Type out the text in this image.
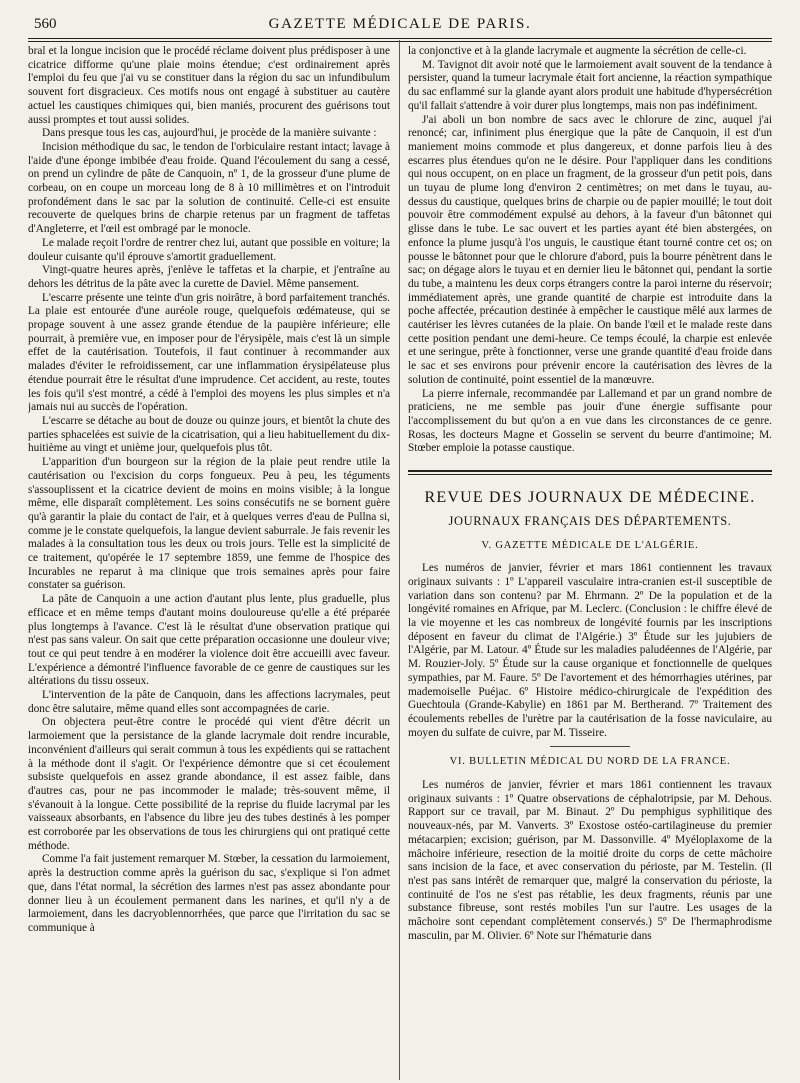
560	GAZETTE MÉDICALE DE PARIS.

bral et la longue incision que le procédé réclame doivent plus prédisposer à une cicatrice difforme qu'une plaie moins étendue; c'est ordinairement après l'emploi du feu que j'ai vu se constituer dans la région du sac un infundibulum souvent fort disgracieux. Ces motifs nous ont engagé à substituer au cautère actuel les caustiques chimiques qui, bien maniés, procurent des guérisons tout aussi promptes et tout aussi solides.

Dans presque tous les cas, aujourd'hui, je procède de la manière suivante :

Incision méthodique du sac, le tendon de l'orbiculaire restant intact; lavage à l'aide d'une éponge imbibée d'eau froide. Quand l'écoulement du sang a cessé, on prend un cylindre de pâte de Canquoin, nº 1, de la grosseur d'une plume de corbeau, on en coupe un morceau long de 8 à 10 millimètres et on l'introduit profondément dans le sac par la solution de continuité. Celle-ci est ensuite recouverte de quelques brins de charpie retenus par un fragment de taffetas d'Angleterre, et l'œil est ombragé par le monocle.

Le malade reçoit l'ordre de rentrer chez lui, autant que possible en voiture; la douleur cuisante qu'il éprouve s'amortit graduellement.

Vingt-quatre heures après, j'enlève le taffetas et la charpie, et j'entraîne au dehors les détritus de la pâte avec la curette de Daviel. Même pansement.

L'escarre présente une teinte d'un gris noirâtre, à bord parfaitement tranchés. La plaie est entourée d'une auréole rouge, quelquefois œdémateuse, qui se propage souvent à une assez grande étendue de la paupière inférieure; elle pourrait, à première vue, en imposer pour de l'érysipèle, mais c'est là un simple effet de la cautérisation. Toutefois, il faut continuer à recommander aux malades d'éviter le refroidissement, car une inflammation érysipélateuse plus étendue pourrait être le résultat d'une imprudence. Cet accident, au reste, toutes les fois qu'il s'est montré, a cédé à l'emploi des moyens les plus simples et n'a jamais nui au succès de l'opération.

L'escarre se détache au bout de douze ou quinze jours, et bientôt la chute des parties sphacelées est suivie de la cicatrisation, qui a lieu habituellement du dix-huitième au vingt et unième jour, quelquefois plus tôt.

L'apparition d'un bourgeon sur la région de la plaie peut rendre utile la cautérisation ou l'excision du corps fongueux. Peu à peu, les téguments s'assouplissent et la cicatrice devient de moins en moins visible; à la longue même, elle disparaît complètement. Les soins consécutifs ne se bornent guère qu'à garantir la plaie du contact de l'air, et à quelques verres d'eau de Pullna si, comme je le constate quelquefois, la langue devient saburrale. Je fais revenir les malades à la consultation tous les deux ou trois jours. Telle est la simplicité de ce traitement, qu'opérée le 17 septembre 1859, une femme de l'hospice des Incurables ne reparut à ma clinique que trois semaines après pour faire constater sa guérison.

La pâte de Canquoin a une action d'autant plus lente, plus graduelle, plus efficace et en même temps d'autant moins douloureuse qu'elle a été préparée plus longtemps à l'avance. C'est là le résultat d'une observation pratique qui n'est pas sans valeur. On sait que cette préparation occasionne une douleur vive; tout ce qui peut tendre à en modérer la violence doit être accueilli avec faveur. L'expérience a démontré l'influence favorable de ce genre de caustiques sur les altérations du tissu osseux.

L'intervention de la pâte de Canquoin, dans les affections lacrymales, peut donc être salutaire, même quand elles sont accompagnées de carie.

On objectera peut-être contre le procédé qui vient d'être décrit un larmoiement que la persistance de la glande lacrymale doit rendre incurable, inconvénient d'ailleurs qui serait commun à tous les expédients qui se rattachent à la méthode dont il s'agit. Or l'expérience démontre que si cet écoulement subsiste quelquefois en assez grande abondance, il est assez faible, dans d'autres cas, pour ne pas incommoder le malade; très-souvent même, il s'évanouit à la longue. Cette possibilité de la reprise du fluide lacrymal par les vaisseaux absorbants, en l'absence du libre jeu des tubes destinés à les pomper est corroborée par les observations de tous les chirurgiens qui ont pratiqué cette méthode.

Comme l'a fait justement remarquer M. Stœber, la cessation du larmoiement, après la destruction comme après la guérison du sac, s'explique si l'on admet que, dans l'état normal, la sécrétion des larmes n'est pas assez abondante pour donner lieu à un écoulement permanent dans les narines, et qu'il n'y a de larmoiement, dans les dacryoblennorrhées, que parce que l'irritation du sac se communique à

la conjonctive et à la glande lacrymale et augmente la sécrétion de celle-ci.

M. Tavignot dit avoir noté que le larmoiement avait souvent de la tendance à persister, quand la tumeur lacrymale était fort ancienne, la réaction sympathique du sac enflammé sur la glande ayant alors produit une habitude d'hypersécrétion qu'il fallait s'attendre à voir durer plus longtemps, mais non pas indéfiniment.

J'ai aboli un bon nombre de sacs avec le chlorure de zinc, auquel j'ai renoncé; car, infiniment plus énergique que la pâte de Canquoin, il est d'un maniement moins commode et plus dangereux, et donne parfois lieu à des escarres plus étendues qu'on ne le désire. Pour l'appliquer dans les conditions qui nous occupent, on en place un fragment, de la grosseur d'un petit pois, dans un tuyau de plume long d'environ 2 centimètres; on met dans le tuyau, au-dessus du caustique, quelques brins de charpie ou de papier mouillé; le tout doit pouvoir être commodément expulsé au dehors, à la faveur d'un bâtonnet qui glisse dans le tube. Le sac ouvert et les parties ayant été bien abstergées, on enfonce la plume jusqu'à l'os unguis, le caustique étant tourné contre cet os; on pousse le bâtonnet pour que le chlorure d'abord, puis la bourre pénètrent dans le sac; on dégage alors le tuyau et en dernier lieu le bâtonnet qui, pendant la sortie du tube, a maintenu les deux corps étrangers contre la paroi interne du réservoir; immédiatement après, une grande quantité de charpie est introduite dans la poche affectée, précaution destinée à empêcher le caustique mêlé aux larmes de cautériser les lèvres cutanées de la plaie. On bande l'œil et le malade reste dans cette position pendant une demi-heure. Ce temps écoulé, la charpie est enlevée et une seringue, prête à fonctionner, verse une grande quantité d'eau froide dans le sac et ses environs pour prévenir encore la cautérisation des lèvres de la solution de continuité, point essentiel de la manœuvre.

La pierre infernale, recommandée par Lallemand et par un grand nombre de praticiens, ne me semble pas jouir d'une énergie suffisante pour l'accomplissement du but qu'on a en vue dans les circonstances de ce genre. Rosas, les docteurs Magne et Gosselin se servent du beurre d'antimoine; M. Stœber emploie la potasse caustique.

REVUE DES JOURNAUX DE MÉDECINE.
JOURNAUX FRANÇAIS DES DÉPARTEMENTS.
V. GAZETTE MÉDICALE DE L'ALGÉRIE.

Les numéros de janvier, février et mars 1861 contiennent les travaux originaux suivants : 1º L'appareil vasculaire intra-cranien est-il susceptible de variation dans son contenu? par M. Ehrmann. 2º De la population et de la longévité romaines en Afrique, par M. Leclerc. (Conclusion : le chiffre élevé de la vie moyenne et les cas nombreux de longévité fournis par les inscriptions déposent en faveur du climat de l'Algérie.) 3º Étude sur les jujubiers de l'Algérie, par M. Latour. 4º Étude sur les maladies paludéennes de l'Algérie, par M. Rouzier-Joly. 5º Étude sur la cause organique et fonctionnelle de quelques sympathies, par M. Faure. 5º De l'avortement et des hémorrhagies utérines, par mademoiselle Puéjac. 6º Histoire médico-chirurgicale de l'expédition des Guechtoula (Grande-Kabylie) en 1861 par M. Bertherand. 7º Traitement des écoulements rebelles de l'urètre par la cautérisation de la fosse naviculaire, au moyen du sulfate de cuivre, par M. Tisseire.

VI. BULLETIN MÉDICAL DU NORD DE LA FRANCE.

Les numéros de janvier, février et mars 1861 contiennent les travaux originaux suivants : 1º Quatre observations de céphalotripsie, par M. Dehous. Rapport sur ce travail, par M. Binaut. 2º Du pemphigus syphilitique des nouveaux-nés, par M. Vanverts. 3º Exostose ostéo-cartilagineuse du premier métacarpien; excision; guérison, par M. Dassonville. 4º Myéloplaxome de la mâchoire inférieure, resection de la moitié droite du corps de cette mâchoire sans incision de la face, et avec conservation du périoste, par M. Testelin. (Il n'est pas sans intérêt de remarquer que, malgré la conservation du périoste, la continuité de l'os ne s'est pas rétablie, les deux fragments, réunis par une substance fibreuse, sont restés mobiles l'un sur l'autre. Les usages de la mâchoire sont cependant complètement conservés.) 5º De l'hermaphrodisme masculin, par M. Olivier. 6º Note sur l'hématurie dans
